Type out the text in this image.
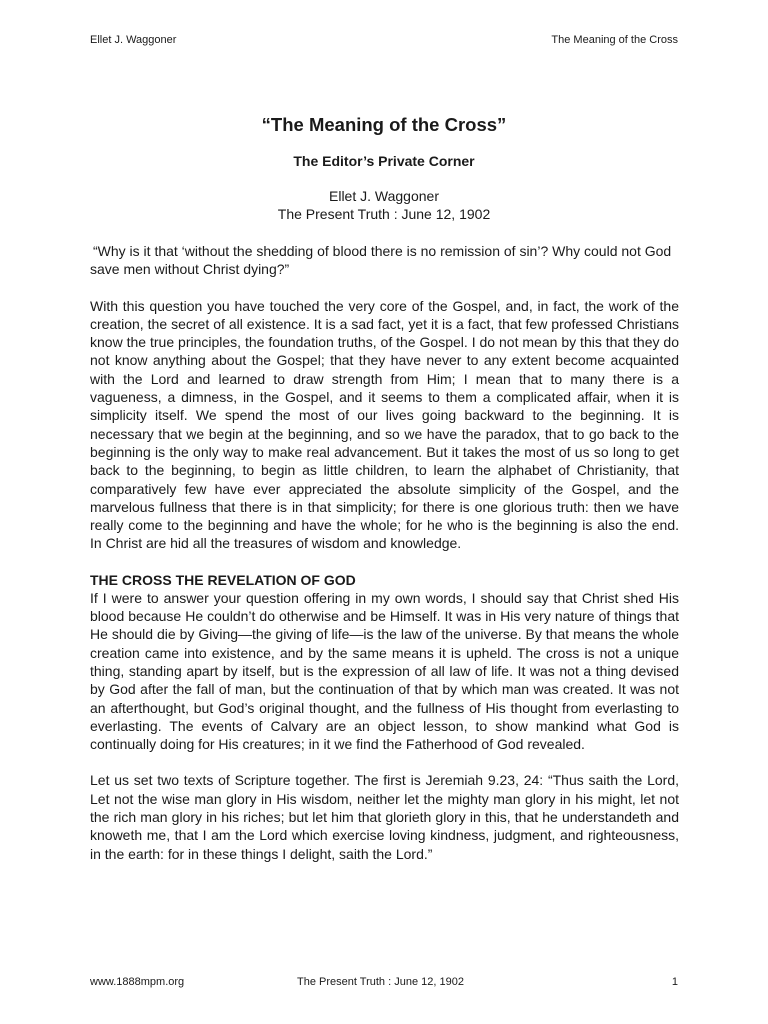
Ellet J. Waggoner	The Meaning of the Cross
“The Meaning of the Cross”
The Editor’s Private Corner
Ellet J. Waggoner
The Present Truth : June 12, 1902

“Why is it that ‘without the shedding of blood there is no remission of sin’? Why could not God save men without Christ dying?”

With this question you have touched the very core of the Gospel, and, in fact, the work of the creation, the secret of all existence. It is a sad fact, yet it is a fact, that few professed Christians know the true principles, the foundation truths, of the Gospel. I do not mean by this that they do not know anything about the Gospel; that they have never to any extent become acquainted with the Lord and learned to draw strength from Him; I mean that to many there is a vagueness, a dimness, in the Gospel, and it seems to them a complicated affair, when it is simplicity itself. We spend the most of our lives going backward to the beginning. It is necessary that we begin at the beginning, and so we have the paradox, that to go back to the beginning is the only way to make real advancement. But it takes the most of us so long to get back to the beginning, to begin as little children, to learn the alphabet of Christianity, that comparatively few have ever appreciated the absolute simplicity of the Gospel, and the marvelous fullness that there is in that simplicity; for there is one glorious truth: then we have really come to the beginning and have the whole; for he who is the beginning is also the end. In Christ are hid all the treasures of wisdom and knowledge.

THE CROSS THE REVELATION OF GOD

If I were to answer your question offering in my own words, I should say that Christ shed His blood because He couldn’t do otherwise and be Himself. It was in His very nature of things that He should die by Giving—the giving of life—is the law of the universe. By that means the whole creation came into existence, and by the same means it is upheld. The cross is not a unique thing, standing apart by itself, but is the expression of all law of life. It was not a thing devised by God after the fall of man, but the continuation of that by which man was created. It was not an afterthought, but God’s original thought, and the fullness of His thought from everlasting to everlasting. The events of Calvary are an object lesson, to show mankind what God is continually doing for His creatures; in it we find the Fatherhood of God revealed.

Let us set two texts of Scripture together. The first is Jeremiah 9.23, 24: “Thus saith the Lord, Let not the wise man glory in His wisdom, neither let the mighty man glory in his might, let not the rich man glory in his riches; but let him that glorieth glory in this, that he understandeth and knoweth me, that I am the Lord which exercise loving kindness, judgment, and righteousness, in the earth: for in these things I delight, saith the Lord.”

www.1888mpm.org	The Present Truth : June 12, 1902	1
